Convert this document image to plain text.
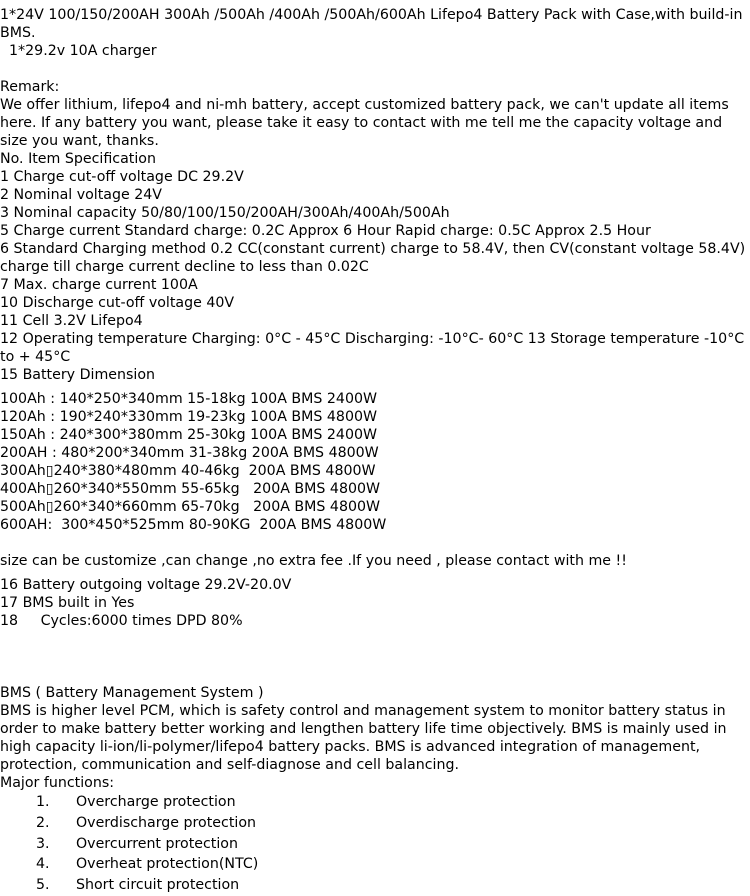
1*24V 100/150/200AH 300Ah /500Ah /400Ah /500Ah/600Ah Lifepo4 Battery Pack with Case,with build-in BMS.
1*29.2v 10A charger
Remark:
We offer lithium, lifepo4 and ni-mh battery, accept customized battery pack, we can't update all items here. If any battery you want, please take it easy to contact with me tell me the capacity voltage and size you want, thanks.
No. Item Specification
1 Charge cut-off voltage DC 29.2V
2 Nominal voltage 24V
3 Nominal capacity 50/80/100/150/200AH/300Ah/400Ah/500Ah
5 Charge current Standard charge: 0.2C Approx 6 Hour Rapid charge: 0.5C Approx 2.5 Hour
6 Standard Charging method 0.2 CC(constant current) charge to 58.4V, then CV(constant voltage 58.4V) charge till charge current decline to less than 0.02C
7 Max. charge current 100A
10 Discharge cut-off voltage 40V
11 Cell 3.2V Lifepo4
12 Operating temperature Charging: 0°C - 45°C Discharging: -10°C- 60°C 13 Storage temperature -10°C to + 45°C
15 Battery Dimension
100Ah : 140*250*340mm 15-18kg 100A BMS 2400W
120Ah : 190*240*330mm 19-23kg 100A BMS 4800W
150Ah : 240*300*380mm 25-30kg 100A BMS 2400W
200AH : 480*200*340mm 31-38kg 200A BMS 4800W
300Ah▯240*380*480mm 40-46kg  200A BMS 4800W
400Ah▯260*340*550mm 55-65kg   200A BMS 4800W
500Ah▯260*340*660mm 65-70kg   200A BMS 4800W
600AH:  300*450*525mm 80-90KG  200A BMS 4800W
size can be customize ,can change ,no extra fee .If you need , please contact with me !!
16 Battery outgoing voltage 29.2V-20.0V
17 BMS built in Yes
18     Cycles:6000 times DPD 80%
BMS ( Battery Management System )
BMS is higher level PCM, which is safety control and management system to monitor battery status in order to make battery better working and lengthen battery life time objectively. BMS is mainly used in high capacity li-ion/li-polymer/lifepo4 battery packs. BMS is advanced integration of management, protection, communication and self-diagnose and cell balancing.
Major functions:
1. Overcharge protection
2. Overdischarge protection
3. Overcurrent protection
4. Overheat protection(NTC)
5. Short circuit protection
